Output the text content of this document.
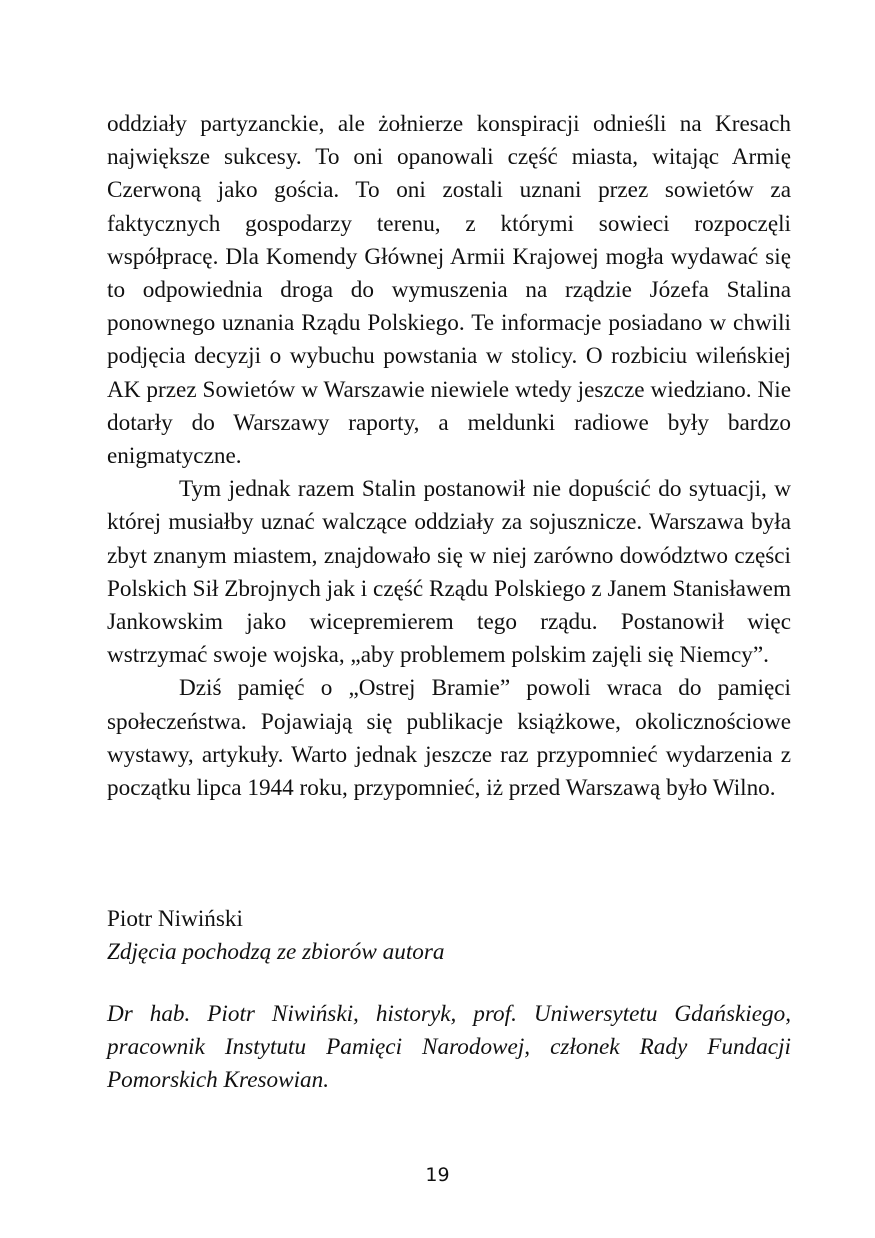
oddziały partyzanckie, ale żołnierze konspiracji odnieśli na Kresach największe sukcesy. To oni opanowali część miasta, witając Armię Czerwoną jako gościa. To oni zostali uznani przez sowietów za faktycznych gospodarzy terenu, z którymi sowieci rozpoczęli współpracę. Dla Komendy Głównej Armii Krajowej mogła wydawać się to odpowiednia droga do wymuszenia na rządzie Józefa Stalina ponownego uznania Rządu Polskiego. Te informacje posiadano w chwili podjęcia decyzji o wybuchu powstania w stolicy. O rozbiciu wileńskiej AK przez Sowietów w Warszawie niewiele wtedy jeszcze wiedziano. Nie dotarły do Warszawy raporty, a meldunki radiowe były bardzo enigmatyczne.

Tym jednak razem Stalin postanowił nie dopuścić do sytuacji, w której musiałby uznać walczące oddziały za sojusznicze. Warszawa była zbyt znanym miastem, znajdowało się w niej zarówno dowództwo części Polskich Sił Zbrojnych jak i część Rządu Polskiego z Janem Stanisławem Jankowskim jako wicepremierem tego rządu. Postanowił więc wstrzymać swoje wojska, „aby problemem polskim zajęli się Niemcy”.

Dziś pamięć o „Ostrej Bramie” powoli wraca do pamięci społeczeństwa. Pojawiają się publikacje książkowe, okolicznościowe wystawy, artykuły. Warto jednak jeszcze raz przypomnieć wydarzenia z początku lipca 1944 roku, przypomnieć, iż przed Warszawą było Wilno.

Piotr Niwiński

Zdjęcia pochodzą ze zbiorów autora

Dr hab. Piotr Niwiński, historyk, prof. Uniwersytetu Gdańskiego, pracownik Instytutu Pamięci Narodowej, członek Rady Fundacji Pomorskich Kresowian.

19
